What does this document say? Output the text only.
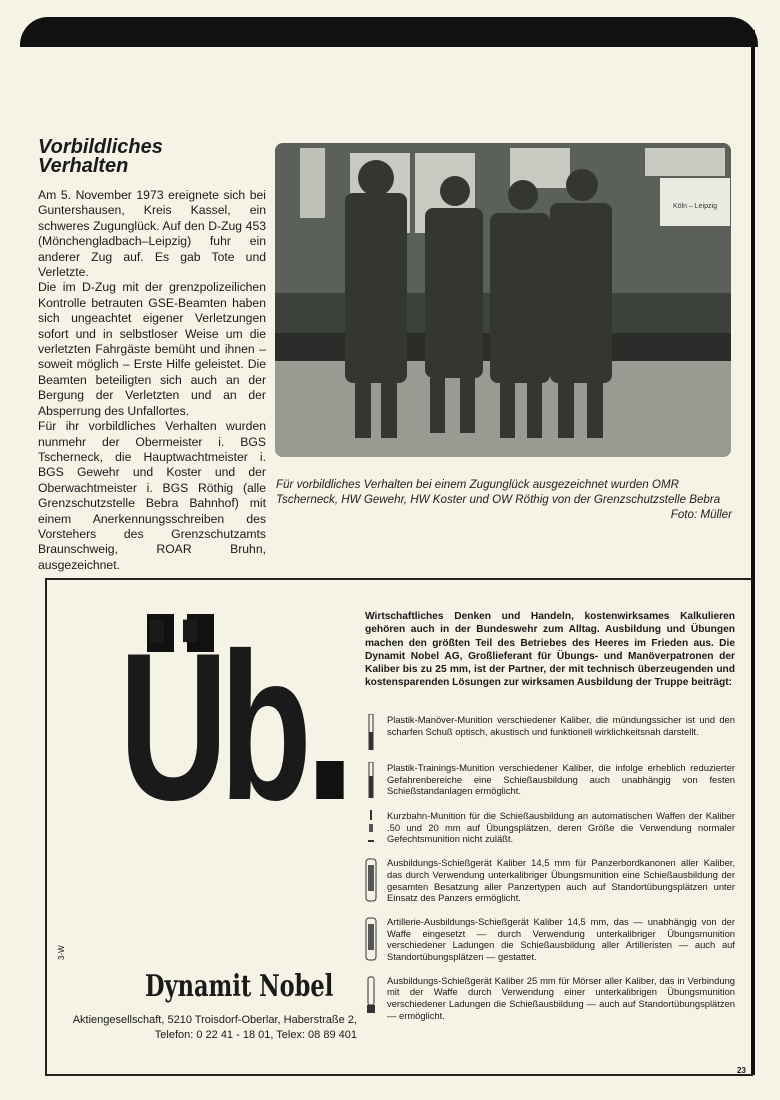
Vorbildliches Verhalten

Am 5. November 1973 ereignete sich bei Guntershausen, Kreis Kassel, ein schweres Zugunglück. Auf den D-Zug 453 (Mönchengladbach–Leipzig) fuhr ein anderer Zug auf. Es gab Tote und Verletzte.

Die im D-Zug mit der grenzpolizeilichen Kontrolle betrauten GSE-Beamten haben sich ungeachtet eigener Verletzungen sofort und in selbstloser Weise um die verletzten Fahrgäste bemüht und ihnen – soweit möglich – Erste Hilfe geleistet. Die Beamten beteiligten sich auch an der Bergung der Verletzten und an der Absperrung des Unfallortes.

Für ihr vorbildliches Verhalten wurden nunmehr der Obermeister i. BGS Tscherneck, die Hauptwachtmeister i. BGS Gewehr und Koster und der Oberwachtmeister i. BGS Röthig (alle Grenzschutzstelle Bebra Bahnhof) mit einem Anerkennungsschreiben des Vorstehers des Grenzschutzamts Braunschweig, ROAR Bruhn, ausgezeichnet.

Köln – Leipzig
Für vorbildliches Verhalten bei einem Zugunglück ausgezeichnet wurden OMR Tscherneck, HW Gewehr, HW Koster und OW Röthig von der Grenzschutzstelle Bebra
Foto: Müller
Üb
3-W
Dynamit Nobel
Aktiengesellschaft, 5210 Troisdorf-Oberlar, Haberstraße 2,
Telefon: 0 22 41 - 18 01, Telex: 08 89 401
Wirtschaftliches Denken und Handeln, kostenwirksames Kalkulieren gehören auch in der Bundeswehr zum Alltag. Ausbildung und Übungen machen den größten Teil des Betriebes des Heeres im Frieden aus. Die Dynamit Nobel AG, Großlieferant für Übungs- und Manöverpatronen der Kaliber bis zu 25 mm, ist der Partner, der mit technisch überzeugenden und kostensparenden Lösungen zur wirksamen Ausbildung der Truppe beiträgt:
Plastik-Manöver-Munition verschiedener Kaliber, die mündungssicher ist und den scharfen Schuß optisch, akustisch und funktionell wirklichkeitsnah darstellt.
Plastik-Trainings-Munition verschiedener Kaliber, die infolge erheblich reduzierter Gefahrenbereiche eine Schießausbildung auch unabhängig von festen Schießstandanlagen ermöglicht.
Kurzbahn-Munition für die Schießausbildung an automatischen Waffen der Kaliber .50 und 20 mm auf Übungsplätzen, deren Größe die Verwendung normaler Gefechtsmunition nicht zuläßt.
Ausbildungs-Schießgerät Kaliber 14,5 mm für Panzerbordkanonen aller Kaliber, das durch Verwendung unterkalibriger Übungsmunition eine Schießausbildung der gesamten Besatzung aller Panzertypen auch auf Standortübungsplätzen unter Einsatz des Panzers ermöglicht.
Artillerie-Ausbildungs-Schießgerät Kaliber 14,5 mm, das — unabhängig von der Waffe eingesetzt — durch Verwendung unterkalibriger Übungsmunition verschiedener Ladungen die Schießausbildung aller Artilleristen — auch auf Standortübungsplätzen — gestattet.
Ausbildungs-Schießgerät Kaliber 25 mm für Mörser aller Kaliber, das in Verbindung mit der Waffe durch Verwendung einer unterkalibrigen Übungsmunition verschiedener Ladungen die Schießausbildung — auch auf Standortübungsplätzen — ermöglicht.
23
